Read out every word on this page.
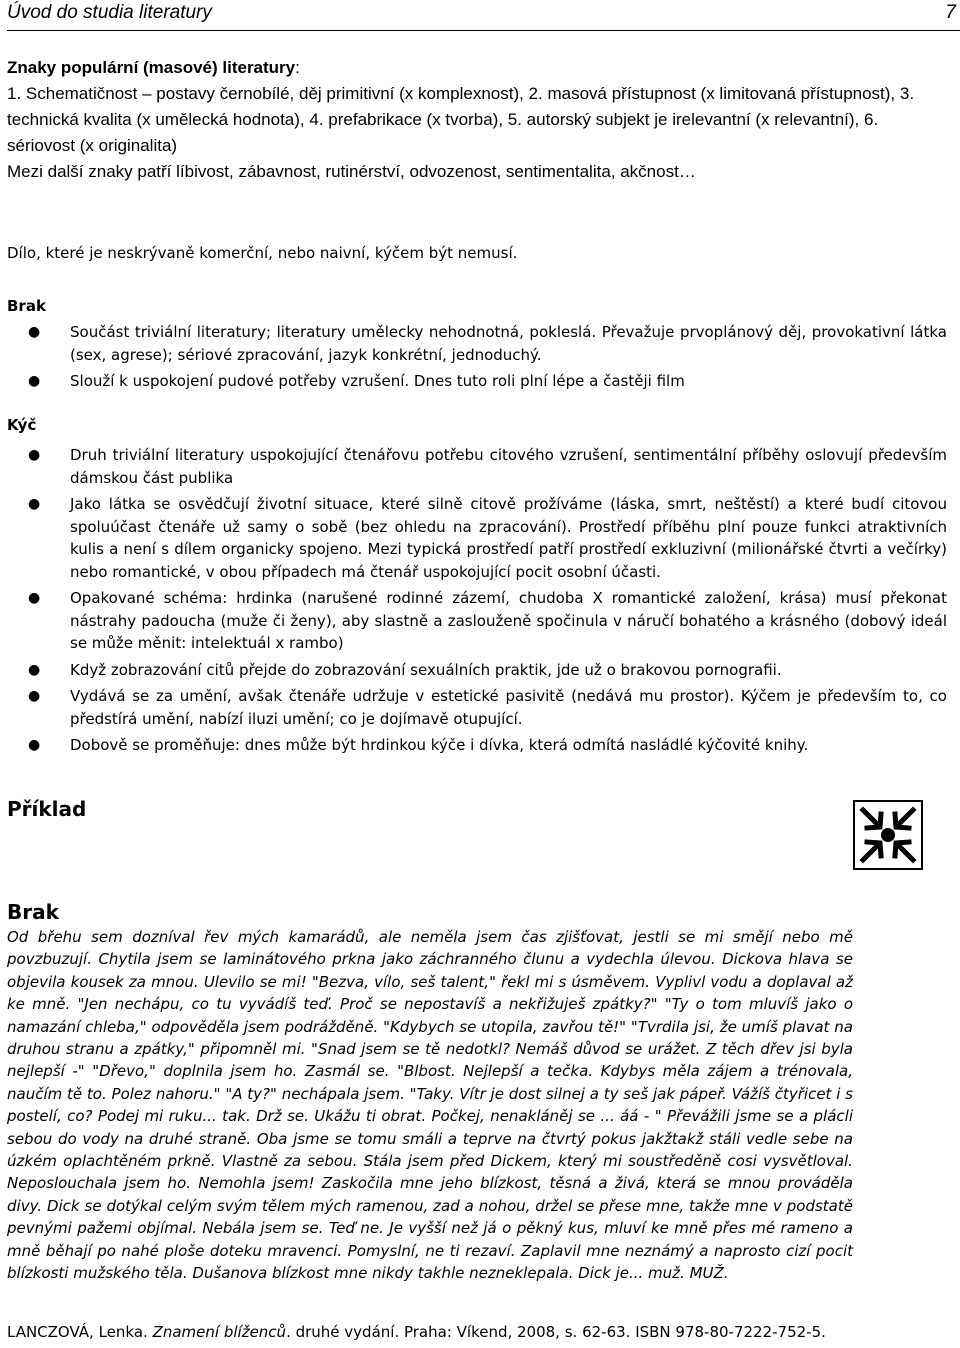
Úvod do studia literatury	7

Znaky populární (masové) literatury:

1. Schematičnost – postavy černobílé, děj primitivní (x komplexnost), 2. masová přístupnost (x limitovaná přístupnost), 3. technická kvalita (x umělecká hodnota), 4. prefabrikace (x tvorba), 5. autorský subjekt je irelevantní (x relevantní), 6. sériovost (x originalita)

Mezi další znaky patří líbivost, zábavnost, rutinérství, odvozenost, sentimentalita, akčnost…

Dílo, které je neskrývaně komerční, nebo naivní, kýčem být nemusí.
Brak
● Součást triviální literatury; literatury umělecky nehodnotná, pokleslá. Převažuje prvoplánový děj, provokativní látka (sex, agrese); sériové zpracování, jazyk konkrétní, jednoduchý.
● Slouží k uspokojení pudové potřeby vzrušení. Dnes tuto roli plní lépe a častěji film
Kýč
● Druh triviální literatury uspokojující čtenářovu potřebu citového vzrušení, sentimentální příběhy oslovují především dámskou část publika
● Jako látka se osvědčují životní situace, které silně citově prožíváme (láska, smrt, neštěstí) a které budí citovou spoluúčast čtenáře už samy o sobě (bez ohledu na zpracování). Prostředí příběhu plní pouze funkci atraktivních kulis a není s dílem organicky spojeno. Mezi typická prostředí patří prostředí exkluzivní (milionářské čtvrti a večírky) nebo romantické, v obou případech má čtenář uspokojující pocit osobní účasti.
● Opakované schéma: hrdinka (narušené rodinné zázemí, chudoba X romantické založení, krása) musí překonat nástrahy padoucha (muže či ženy), aby slastně a zaslouženě spočinula v náručí bohatého a krásného (dobový ideál se může měnit: intelektuál x rambo)
● Když zobrazování citů přejde do zobrazování sexuálních praktik, jde už o brakovou pornografii.
● Vydává se za umění, avšak čtenáře udržuje v estetické pasivitě (nedává mu prostor). Kýčem je především to, co předstírá umění, nabízí iluzi umění; co je dojímavě otupující.
● Dobově se proměňuje: dnes může být hrdinkou kýče i dívka, která odmítá nasládlé kýčovité knihy.
Příklad
Brak

Od břehu sem dozníval řev mých kamarádů, ale neměla jsem čas zjišťovat, jestli se mi smějí nebo mě povzbuzují. Chytila jsem se laminátového prkna jako záchranného člunu a vydechla úlevou. Dickova hlava se objevila kousek za mnou. Ulevilo se mi! "Bezva, vílo, seš talent," řekl mi s úsměvem. Vyplivl vodu a doplaval až ke mně. "Jen nechápu, co tu vyvádíš teď. Proč se nepostavíš a nekřižuješ zpátky?" "Ty o tom mluvíš jako o namazání chleba," odpověděla jsem podrážděně. "Kdybych se utopila, zavřou tě!" "Tvrdila jsi, že umíš plavat na druhou stranu a zpátky," připomněl mi. "Snad jsem se tě nedotkl? Nemáš důvod se urážet. Z těch dřev jsi byla nejlepší -" "Dřevo," doplnila jsem ho. Zasmál se. "Blbost. Nejlepší a tečka. Kdybys měla zájem a trénovala, naučím tě to. Polez nahoru." "A ty?" nechápala jsem. "Taky. Vítr je dost silnej a ty seš jak pápeř. Vážíš čtyřicet i s postelí, co? Podej mi ruku... tak. Drž se. Ukážu ti obrat. Počkej, nenakláněj se ... áá - " Převážili jsme se a plácli sebou do vody na druhé straně. Oba jsme se tomu smáli a teprve na čtvrtý pokus jakžtakž stáli vedle sebe na úzkém oplachtěném prkně. Vlastně za sebou. Stála jsem před Dickem, který mi soustředěně cosi vysvětloval. Neposlouchala jsem ho. Nemohla jsem! Zaskočila mne jeho blízkost, těsná a živá, která se mnou prováděla divy. Dick se dotýkal celým svým tělem mých ramenou, zad a nohou, držel se přese mne, takže mne v podstatě pevnými pažemi objímal. Nebála jsem se. Teď ne. Je vyšší než já o pěkný kus, mluví ke mně přes mé rameno a mně běhají po nahé ploše doteku mravenci. Pomyslní, ne ti rezaví. Zaplavil mne neznámý a naprosto cizí pocit blízkosti mužského těla. Dušanova blízkost mne nikdy takhle nezneklepala. Dick je... muž. MUŽ.

LANCZOVÁ, Lenka. Znamení blíženců. druhé vydání. Praha: Víkend, 2008, s. 62-63. ISBN 978-80-7222-752-5.
